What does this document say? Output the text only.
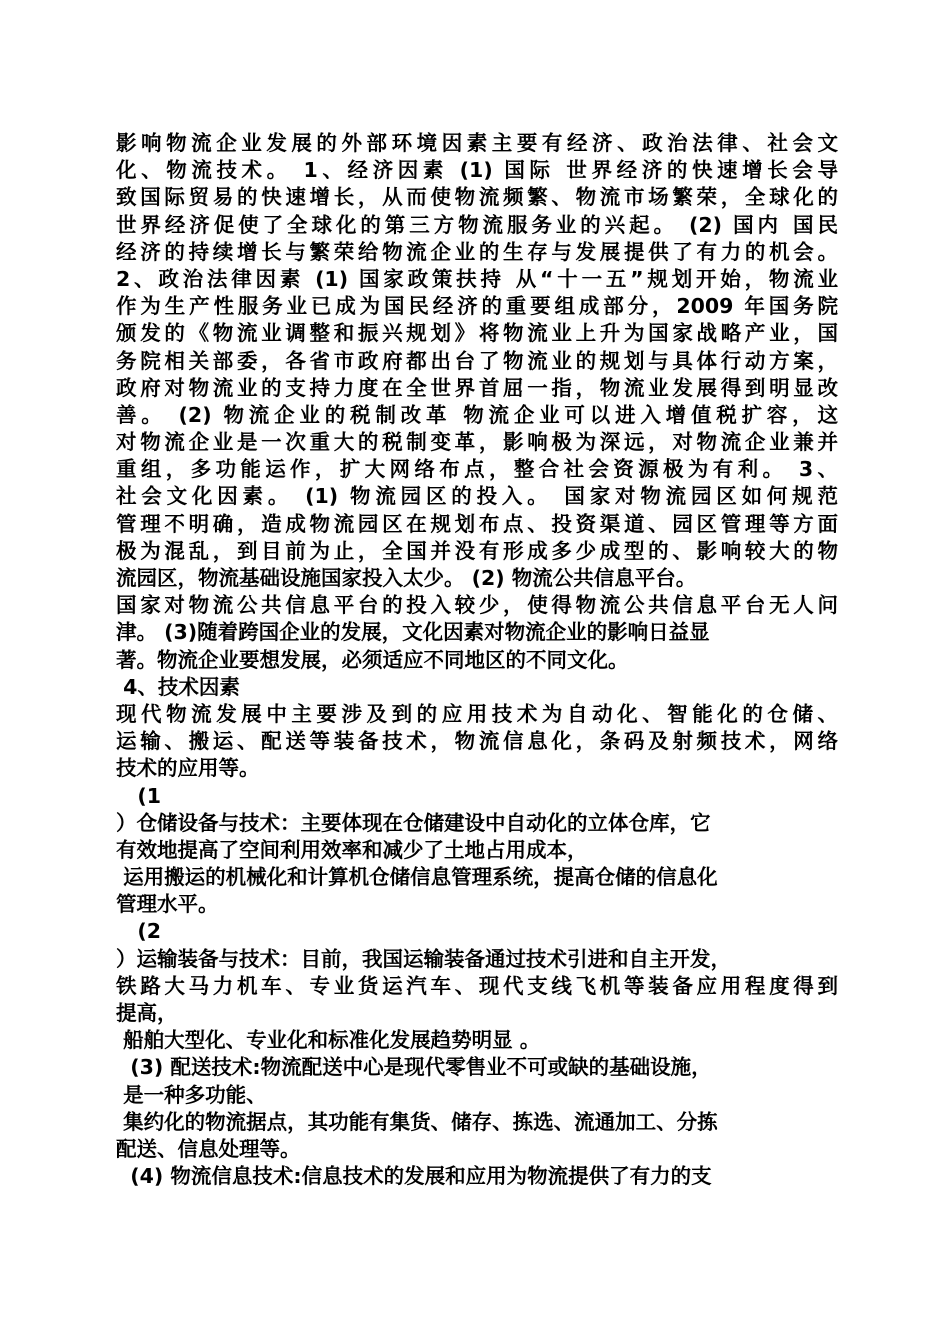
影响物流企业发展的外部环境因素主要有经济、政治法律、社会文
化、物流技术。 1、经济因素 (1) 国际 世界经济的快速增长会导
致国际贸易的快速增长，从而使物流频繁、物流市场繁荣，全球化的
世界经济促使了全球化的第三方物流服务业的兴起。 (2) 国内 国民
经济的持续增长与繁荣给物流企业的生存与发展提供了有力的机会。
2、政治法律因素 (1) 国家政策扶持 从“十一五”规划开始，物流业
作为生产性服务业已成为国民经济的重要组成部分，2009 年国务院
颁发的《物流业调整和振兴规划》将物流业上升为国家战略产业，国
务院相关部委，各省市政府都出台了物流业的规划与具体行动方案，
政府对物流业的支持力度在全世界首屈一指，物流业发展得到明显改
善。 (2) 物流企业的税制改革 物流企业可以进入增值税扩容，这
对物流企业是一次重大的税制变革，影响极为深远，对物流企业兼并
重组，多功能运作，扩大网络布点，整合社会资源极为有利。 3、
社会文化因素。 (1) 物流园区的投入。 国家对物流园区如何规范
管理不明确，造成物流园区在规划布点、投资渠道、园区管理等方面
极为混乱，到目前为止，全国并没有形成多少成型的、影响较大的物
流园区，物流基础设施国家投入太少。 (2) 物流公共信息平台。
国家对物流公共信息平台的投入较少，使得物流公共信息平台无人问
津。 (3)随着跨国企业的发展，文化因素对物流企业的影响日益显
著。物流企业要想发展，必须适应不同地区的不同文化。
4、技术因素
现代物流发展中主要涉及到的应用技术为自动化、智能化的仓储、
运输、搬运、配送等装备技术，物流信息化，条码及射频技术，网络
技术的应用等。
(1
）仓储设备与技术：主要体现在仓储建设中自动化的立体仓库，它
有效地提高了空间利用效率和减少了土地占用成本，
运用搬运的机械化和计算机仓储信息管理系统，提高仓储的信息化
管理水平。
(2
）运输装备与技术：目前，我国运输装备通过技术引进和自主开发，
铁路大马力机车、专业货运汽车、现代支线飞机等装备应用程度得到
提高，
船舶大型化、专业化和标准化发展趋势明显 。
(3) 配送技术:物流配送中心是现代零售业不可或缺的基础设施，
是一种多功能、
集约化的物流据点，其功能有集货、储存、拣选、流通加工、分拣
配送、信息处理等。
(4) 物流信息技术:信息技术的发展和应用为物流提供了有力的支
